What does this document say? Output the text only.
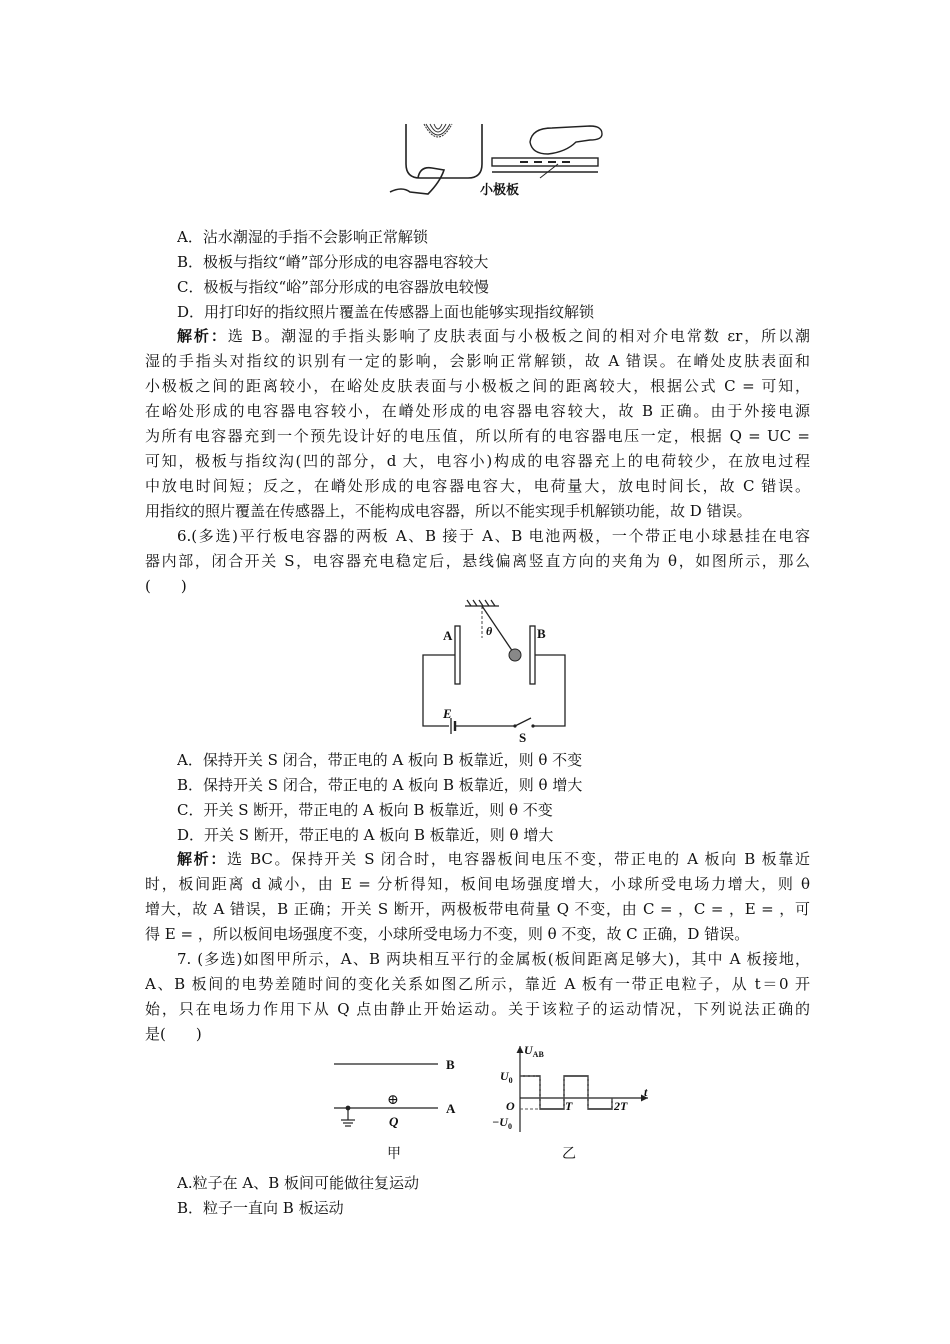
小极板
A．沾水潮湿的手指不会影响正常解锁
B．极板与指纹“嵴”部分形成的电容器电容较大
C．极板与指纹“峪”部分形成的电容器放电较慢
D．用打印好的指纹照片覆盖在传感器上面也能够实现指纹解锁
解析：选 B。潮湿的手指头影响了皮肤表面与小极板之间的相对介电常数 εr，所以潮
湿的手指头对指纹的识别有一定的影响，会影响正常解锁，故 A 错误。在嵴处皮肤表面和
小极板之间的距离较小，在峪处皮肤表面与小极板之间的距离较大，根据公式 C = 可知，
在峪处形成的电容器电容较小，在嵴处形成的电容器电容较大，故 B 正确。由于外接电源
为所有电容器充到一个预先设计好的电压值，所以所有的电容器电压一定，根据 Q = UC =
可知，极板与指纹沟(凹的部分，d 大，电容小)构成的电容器充上的电荷较少，在放电过程
中放电时间短；反之，在嵴处形成的电容器电容大，电荷量大，放电时间长，故 C 错误。
用指纹的照片覆盖在传感器上，不能构成电容器，所以不能实现手机解锁功能，故 D 错误。
6.(多选)平行板电容器的两板 A、B 接于 A、B 电池两极，一个带正电小球悬挂在电容
器内部，闭合开关 S，电容器充电稳定后，悬线偏离竖直方向的夹角为 θ，如图所示，那么
(　　)
A	B
θ
E
S
A．保持开关 S 闭合，带正电的 A 板向 B 板靠近，则 θ 不变
B．保持开关 S 闭合，带正电的 A 板向 B 板靠近，则 θ 增大
C．开关 S 断开，带正电的 A 板向 B 板靠近，则 θ 不变
D．开关 S 断开，带正电的 A 板向 B 板靠近，则 θ 增大
解析：选 BC。保持开关 S 闭合时，电容器板间电压不变，带正电的 A 板向 B 板靠近
时，板间距离 d 减小，由 E = 分析得知，板间电场强度增大，小球所受电场力增大，则 θ
增大，故 A 错误，B 正确；开关 S 断开，两极板带电荷量 Q 不变，由 C = ，C = ，E = ，可
得 E = ，所以板间电场强度不变，小球所受电场力不变，则 θ 不变，故 C 正确，D 错误。
7. (多选)如图甲所示，A、B 两块相互平行的金属板(板间距离足够大)，其中 A 板接地，
A、B 板间的电势差随时间的变化关系如图乙所示，靠近 A 板有一带正电粒子，从 t＝0 开
始，只在电场力作用下从 Q 点由静止开始运动。关于该粒子的运动情况，下列说法正确的
是(　　)
B
A
⊕
Q
甲
$U_{AB}$
$U_0$
$-U_0$
O
t
T	2T
乙
A.粒子在 A、B 板间可能做往复运动
B．粒子一直向 B 板运动
